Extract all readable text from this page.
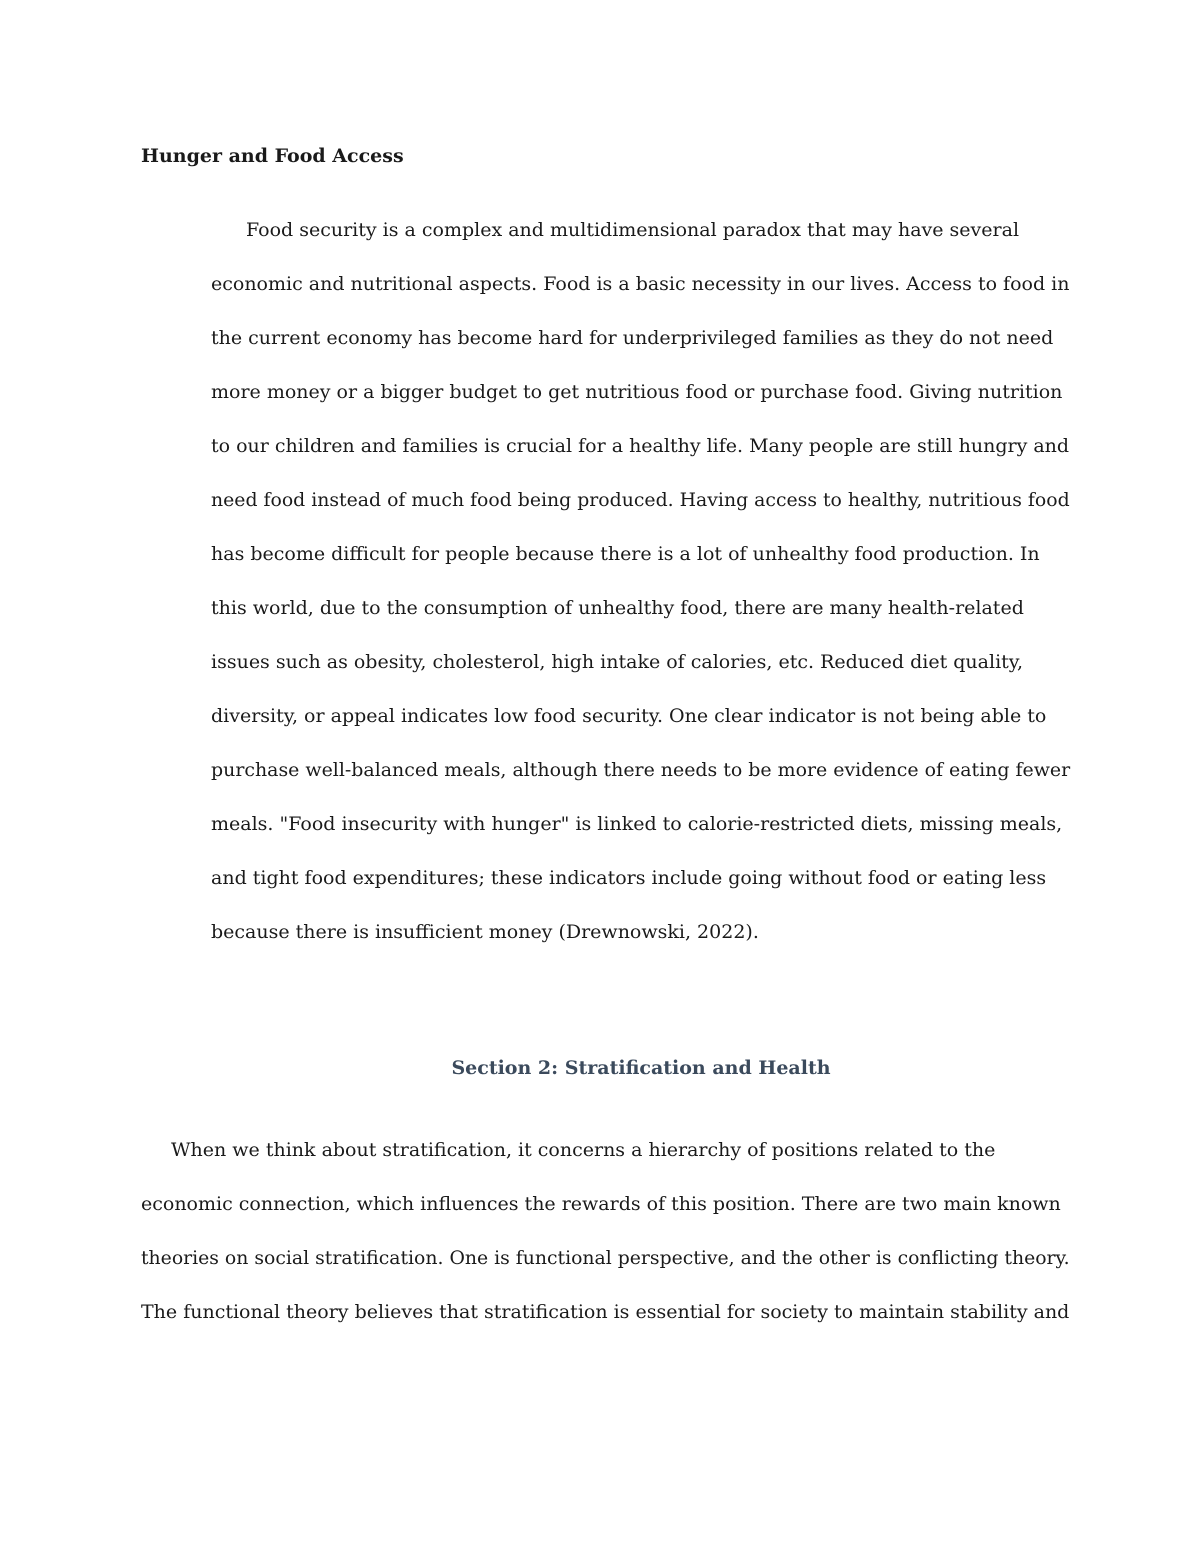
Hunger and Food Access

Food security is a complex and multidimensional paradox that may have several

economic and nutritional aspects. Food is a basic necessity in our lives. Access to food in

the current economy has become hard for underprivileged families as they do not need

more money or a bigger budget to get nutritious food or purchase food. Giving nutrition

to our children and families is crucial for a healthy life. Many people are still hungry and

need food instead of much food being produced. Having access to healthy, nutritious food

has become difficult for people because there is a lot of unhealthy food production. In

this world, due to the consumption of unhealthy food, there are many health-related

issues such as obesity, cholesterol, high intake of calories, etc. Reduced diet quality,

diversity, or appeal indicates low food security. One clear indicator is not being able to

purchase well-balanced meals, although there needs to be more evidence of eating fewer

meals. "Food insecurity with hunger" is linked to calorie-restricted diets, missing meals,

and tight food expenditures; these indicators include going without food or eating less

because there is insufficient money (Drewnowski, 2022).

Section 2: Stratification and Health

When we think about stratification, it concerns a hierarchy of positions related to the

economic connection, which influences the rewards of this position. There are two main known

theories on social stratification. One is functional perspective, and the other is conflicting theory.

The functional theory believes that stratification is essential for society to maintain stability and
